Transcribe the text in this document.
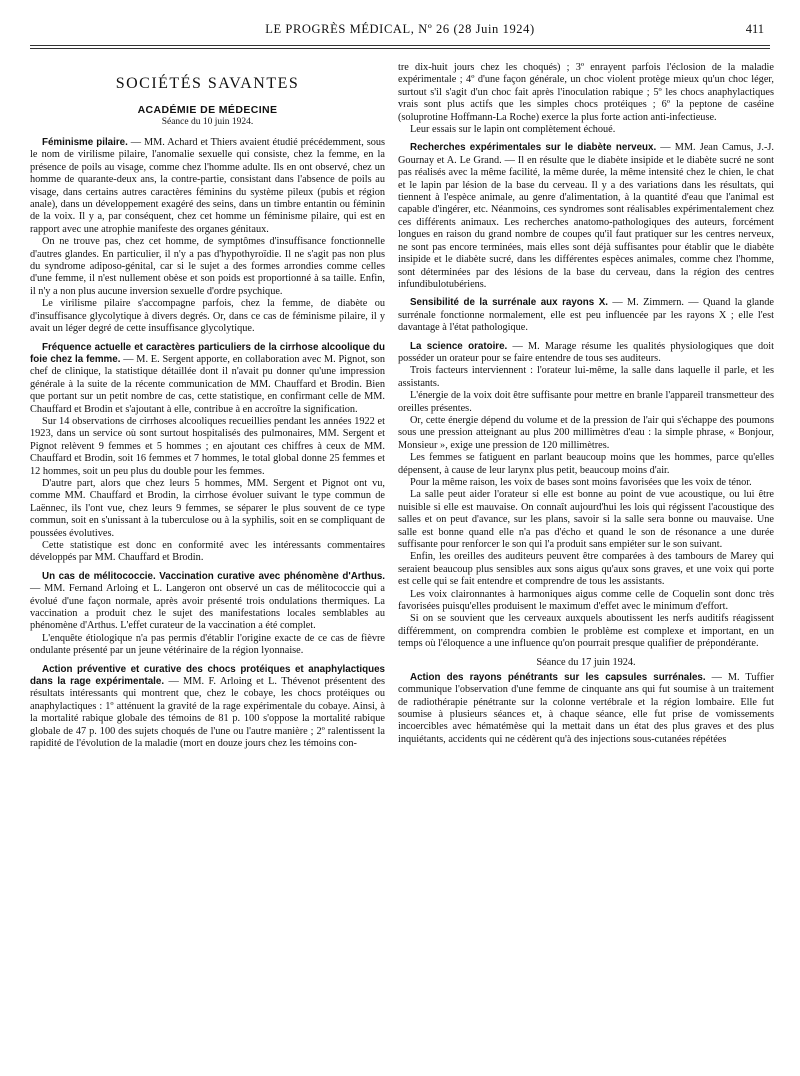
LE PROGRÈS MÉDICAL, Nº 26 (28 Juin 1924)	411
SOCIÉTÉS SAVANTES
ACADÉMIE DE MÉDECINE
Séance du 10 juin 1924.

Féminisme pilaire. — MM. Achard et Thiers avaient étudié précédemment, sous le nom de virilisme pilaire, l'anomalie sexuelle qui consiste, chez la femme, en la présence de poils au visage, comme chez l'homme adulte. Ils en ont observé, chez un homme de quarante-deux ans, la contre-partie, consistant dans l'absence de poils au visage, dans certains autres caractères féminins du système pileux (pubis et région anale), dans un développement exagéré des seins, dans un timbre entantin ou féminin de la voix. Il y a, par conséquent, chez cet homme un féminisme pilaire, qui est en rapport avec une atrophie manifeste des organes génitaux.

On ne trouve pas, chez cet homme, de symptômes d'insuffisance fonctionnelle d'autres glandes. En particulier, il n'y a pas d'hypothyroïdie. Il ne s'agit pas non plus du syndrome adiposo-génital, car si le sujet a des formes arrondies comme celles d'une femme, il n'est nullement obèse et son poids est proportionné à sa taille. Enfin, il n'y a non plus aucune inversion sexuelle d'ordre psychique.

Le virilisme pilaire s'accompagne parfois, chez la femme, de diabète ou d'insuffisance glycolytique à divers degrés. Or, dans ce cas de féminisme pilaire, il y avait un léger degré de cette insuffisance glycolytique.

Fréquence actuelle et caractères particuliers de la cirrhose alcoolique du foie chez la femme. — M. E. Sergent apporte, en collaboration avec M. Pignot, son chef de clinique, la statistique détaillée dont il n'avait pu donner qu'une impression générale à la suite de la récente communication de MM. Chauffard et Brodin. Bien que portant sur un petit nombre de cas, cette statistique, en confirmant celle de MM. Chauffard et Brodin et s'ajoutant à elle, contribue à en accroître la signification.

Sur 14 observations de cirrhoses alcooliques recueillies pendant les années 1922 et 1923, dans un service où sont surtout hospitalisés des pulmonaires, MM. Sergent et Pignot relèvent 9 femmes et 5 hommes ; en ajoutant ces chiffres à ceux de MM. Chauffard et Brodin, soit 16 femmes et 7 hommes, le total global donne 25 femmes et 12 hommes, soit un peu plus du double pour les femmes.

D'autre part, alors que chez leurs 5 hommes, MM. Sergent et Pignot ont vu, comme MM. Chauffard et Brodin, la cirrhose évoluer suivant le type commun de Laënnec, ils l'ont vue, chez leurs 9 femmes, se séparer le plus souvent de ce type commun, soit en s'unissant à la tuberculose ou à la syphilis, soit en se compliquant de poussées évolutives.

Cette statistique est donc en conformité avec les intéressants commentaires développés par MM. Chauffard et Brodin.

Un cas de mélitococcie. Vaccination curative avec phénomène d'Arthus. — MM. Fernand Arloing et L. Langeron ont observé un cas de mélitococcie qui a évolué d'une façon normale, après avoir présenté trois ondulations thermiques. La vaccination a produit chez le sujet des manifestations locales semblables au phénomène d'Arthus. L'effet curateur de la vaccination a été complet.

L'enquête étiologique n'a pas permis d'établir l'origine exacte de ce cas de fièvre ondulante présenté par un jeune vétérinaire de la région lyonnaise.

Action préventive et curative des chocs protéiques et anaphylactiques dans la rage expérimentale. — MM. F. Arloing et L. Thévenot présentent des résultats intéressants qui montrent que, chez le cobaye, les chocs protéiques ou anaphylactiques : 1º atténuent la gravité de la rage expérimentale du cobaye. Ainsi, à la mortalité rabique globale des témoins de 81 p. 100 s'oppose la mortalité rabique globale de 47 p. 100 des sujets choqués de l'une ou l'autre manière ; 2º ralentissent la rapidité de l'évolution de la maladie (mort en douze jours chez les témoins con-

tre dix-huit jours chez les choqués) ; 3º enrayent parfois l'éclosion de la maladie expérimentale ; 4º d'une façon générale, un choc violent protège mieux qu'un choc léger, surtout s'il s'agit d'un choc fait après l'inoculation rabique ; 5º les chocs anaphylactiques vrais sont plus actifs que les simples chocs protéiques ; 6º la peptone de caséine (soluprotine Hoffmann-La Roche) exerce la plus forte action anti-infectieuse.

Leur essais sur le lapin ont complètement échoué.

Recherches expérimentales sur le diabète nerveux. — MM. Jean Camus, J.-J. Gournay et A. Le Grand. — Il en résulte que le diabète insipide et le diabète sucré ne sont pas réalisés avec la même facilité, la même durée, la même intensité chez le chien, le chat et le lapin par lésion de la base du cerveau. Il y a des variations dans les résultats, qui tiennent à l'espèce animale, au genre d'alimentation, à la quantité d'eau que l'animal est capable d'ingérer, etc. Néanmoins, ces syndromes sont réalisables expérimentalement chez ces différents animaux. Les recherches anatomo-pathologiques des auteurs, forcément longues en raison du grand nombre de coupes qu'il faut pratiquer sur les centres nerveux, ne sont pas encore terminées, mais elles sont déjà suffisantes pour établir que le diabète insipide et le diabète sucré, dans les différentes espèces animales, comme chez l'homme, sont déterminées par des lésions de la base du cerveau, dans la région des centres infundibulotubériens.

Sensibilité de la surrénale aux rayons X. — M. Zimmern. — Quand la glande surrénale fonctionne normalement, elle est peu influencée par les rayons X ; elle l'est davantage à l'état pathologique.

La science oratoire. — M. Marage résume les qualités physiologiques que doit posséder un orateur pour se faire entendre de tous ses auditeurs.

Trois facteurs interviennent : l'orateur lui-même, la salle dans laquelle il parle, et les assistants.

L'énergie de la voix doit être suffisante pour mettre en branle l'appareil transmetteur des oreilles présentes.

Or, cette énergie dépend du volume et de la pression de l'air qui s'échappe des poumons sous une pression atteignant au plus 200 millimètres d'eau : la simple phrase, « Bonjour, Monsieur », exige une pression de 120 millimètres.

Les femmes se fatiguent en parlant beaucoup moins que les hommes, parce qu'elles dépensent, à cause de leur larynx plus petit, beaucoup moins d'air.

Pour la même raison, les voix de bases sont moins favorisées que les voix de ténor.

La salle peut aider l'orateur si elle est bonne au point de vue acoustique, ou lui être nuisible si elle est mauvaise. On connaît aujourd'hui les lois qui régissent l'acoustique des salles et on peut d'avance, sur les plans, savoir si la salle sera bonne ou mauvaise. Une salle est bonne quand elle n'a pas d'écho et quand le son de résonance a une durée suffisante pour renforcer le son qui l'a produit sans empiéter sur le son suivant.

Enfin, les oreilles des auditeurs peuvent être comparées à des tambours de Marey qui seraient beaucoup plus sensibles aux sons aigus qu'aux sons graves, et une voix qui porte est celle qui se fait entendre et comprendre de tous les assistants.

Les voix claironnantes à harmoniques aigus comme celle de Coquelin sont donc très favorisées puisqu'elles produisent le maximum d'effet avec le minimum d'effort.

Si on se souvient que les cerveaux auxquels aboutissent les nerfs auditifs réagissent différemment, on comprendra combien le problème est complexe et important, en un temps où l'éloquence a une influence qu'on pourrait presque qualifier de prépondérante.

Séance du 17 juin 1924.

Action des rayons pénétrants sur les capsules surrénales. — M. Tuffier communique l'observation d'une femme de cinquante ans qui fut soumise à un traitement de radiothérapie pénétrante sur la colonne vertébrale et la région lombaire. Elle fut soumise à plusieurs séances et, à chaque séance, elle fut prise de vomissements incoercibles avec hématémèse qui la mettait dans un état des plus graves et des plus inquiétants, accidents qui ne cédèrent qu'à des injections sous-cutanées répétées
